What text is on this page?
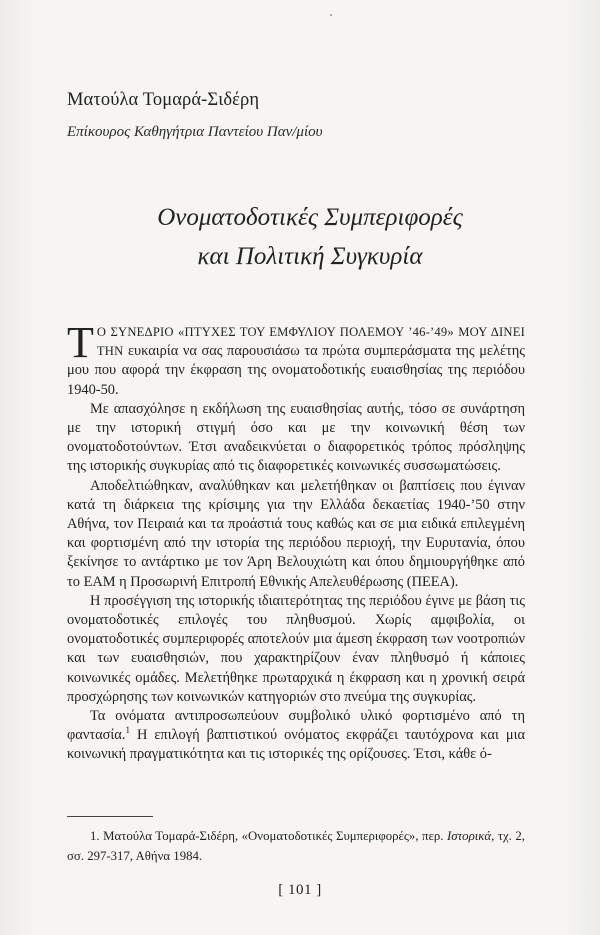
Ματούλα Τομαρά-Σιδέρη
Επίκουρος Καθηγήτρια Παντείου Παν/μίου
Ονοματοδοτικές Συμπεριφορές
και Πολιτική Συγκυρία

Τ Ο ΣΥΝΕΔΡΙΟ «ΠΤΥΧΕΣ ΤΟΥ ΕΜΦΥΛΙΟΥ ΠΟΛΕΜΟΥ ’46-’49» ΜΟΥ ΔΙΝΕΙ ΤΗΝ ευκαιρία να σας παρουσιάσω τα πρώτα συμπεράσματα της μελέτης μου που αφορά την έκφραση της ονοματοδοτικής ευαισθησίας της περιόδου 1940-50.

Με απασχόλησε η εκδήλωση της ευαισθησίας αυτής, τόσο σε συνάρτηση με την ιστορική στιγμή όσο και με την κοινωνική θέση των ονοματοδοτούντων. Έτσι αναδεικνύεται ο διαφορετικός τρόπος πρόσληψης της ιστορικής συγκυρίας από τις διαφορετικές κοινωνικές συσσωματώσεις.

Αποδελτιώθηκαν, αναλύθηκαν και μελετήθηκαν οι βαπτίσεις που έγιναν κατά τη διάρκεια της κρίσιμης για την Ελλάδα δεκαετίας 1940-’50 στην Αθήνα, τον Πειραιά και τα προάστιά τους καθώς και σε μια ειδικά επιλεγμένη και φορτισμένη από την ιστορία της περιόδου περιοχή, την Ευρυτανία, όπου ξεκίνησε το αντάρτικο με τον Άρη Βελουχιώτη και όπου δημιουργήθηκε από το ΕΑΜ η Προσωρινή Επιτροπή Εθνικής Απελευθέρωσης (ΠΕΕΑ).

Η προσέγγιση της ιστορικής ιδιαιτερότητας της περιόδου έγινε με βάση τις ονοματοδοτικές επιλογές του πληθυσμού. Χωρίς αμφιβολία, οι ονοματοδοτικές συμπεριφορές αποτελούν μια άμεση έκφραση των νοοτροπιών και των ευαισθησιών, που χαρακτηρίζουν έναν πληθυσμό ή κάποιες κοινωνικές ομάδες. Μελετήθηκε πρωταρχικά η έκφραση και η χρονική σειρά προσχώρησης των κοινωνικών κατηγοριών στο πνεύμα της συγκυρίας.

Τα ονόματα αντιπροσωπεύουν συμβολικό υλικό φορτισμένο από τη φαντασία.$^1$ Η επιλογή βαπτιστικού ονόματος εκφράζει ταυτόχρονα και μια κοινωνική πραγματικότητα και τις ιστορικές της ορίζουσες. Έτσι, κάθε ό-

1. Ματούλα Τομαρά-Σιδέρη, «Ονοματοδοτικές Συμπεριφορές», περ. Ιστορικά, τχ. 2, σσ. 297-317, Αθήνα 1984.

[ 101 ]
